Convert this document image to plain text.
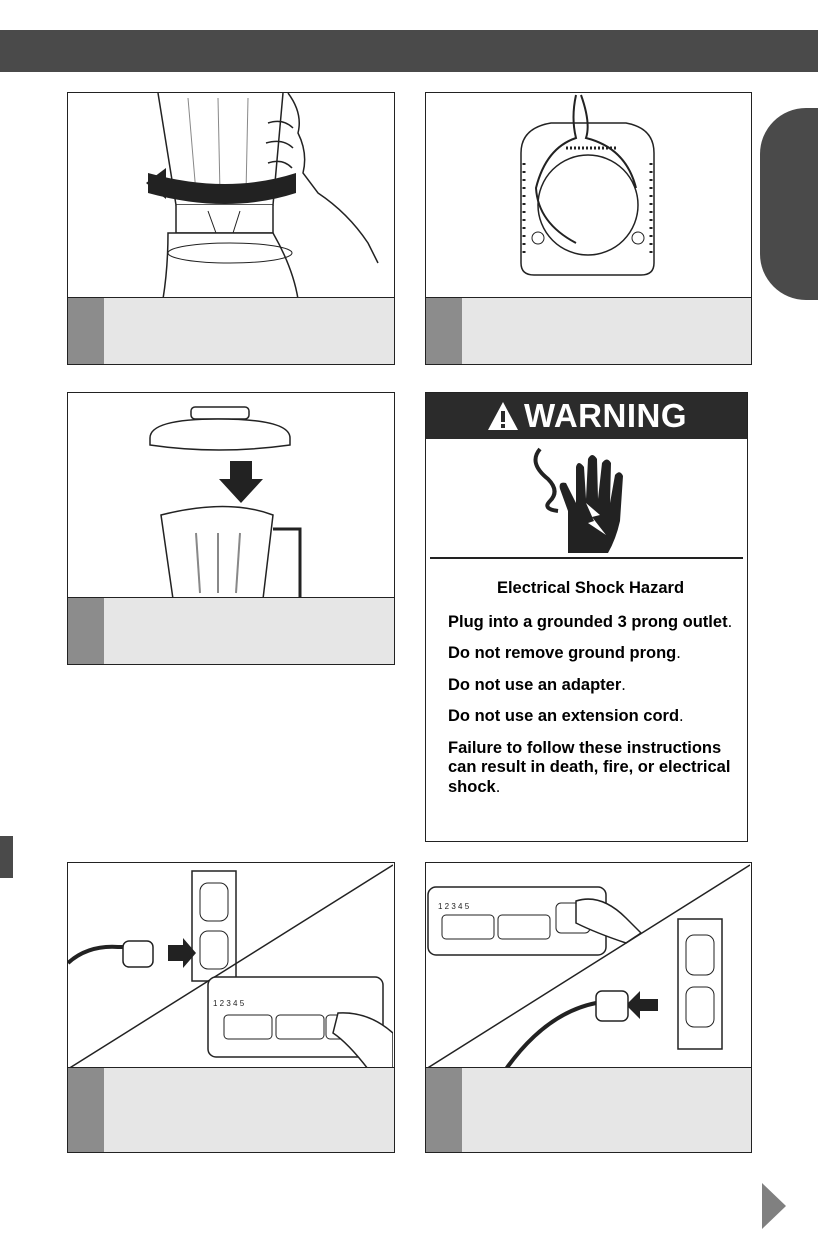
WARNING
Electrical Shock Hazard

Plug into a grounded 3 prong outlet.

Do not remove ground prong.

Do not use an adapter.

Do not use an extension cord.

Failure to follow these instructions can result in death, fire, or electrical shock.

1 2 3 4 5
1 2 3 4 5
